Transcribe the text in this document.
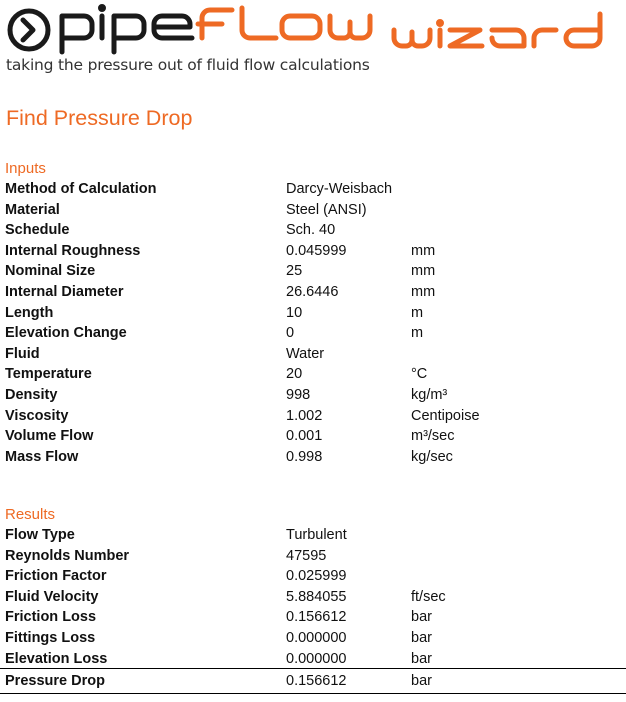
taking the pressure out of fluid flow calculations
Find Pressure Drop
Inputs
Method of Calculation	Darcy-Weisbach
Material	Steel (ANSI)
Schedule	Sch. 40
Internal Roughness	0.045999	mm
Nominal Size	25	mm
Internal Diameter	26.6446	mm
Length	10	m
Elevation Change	0	m
Fluid	Water
Temperature	20	°C
Density	998	kg/m³
Viscosity	1.002	Centipoise
Volume Flow	0.001	m³/sec
Mass Flow	0.998	kg/sec
Results
Flow Type	Turbulent
Reynolds Number	47595
Friction Factor	0.025999
Fluid Velocity	5.884055	ft/sec
Friction Loss	0.156612	bar
Fittings Loss	0.000000	bar
Elevation Loss	0.000000	bar
Pressure Drop	0.156612	bar
